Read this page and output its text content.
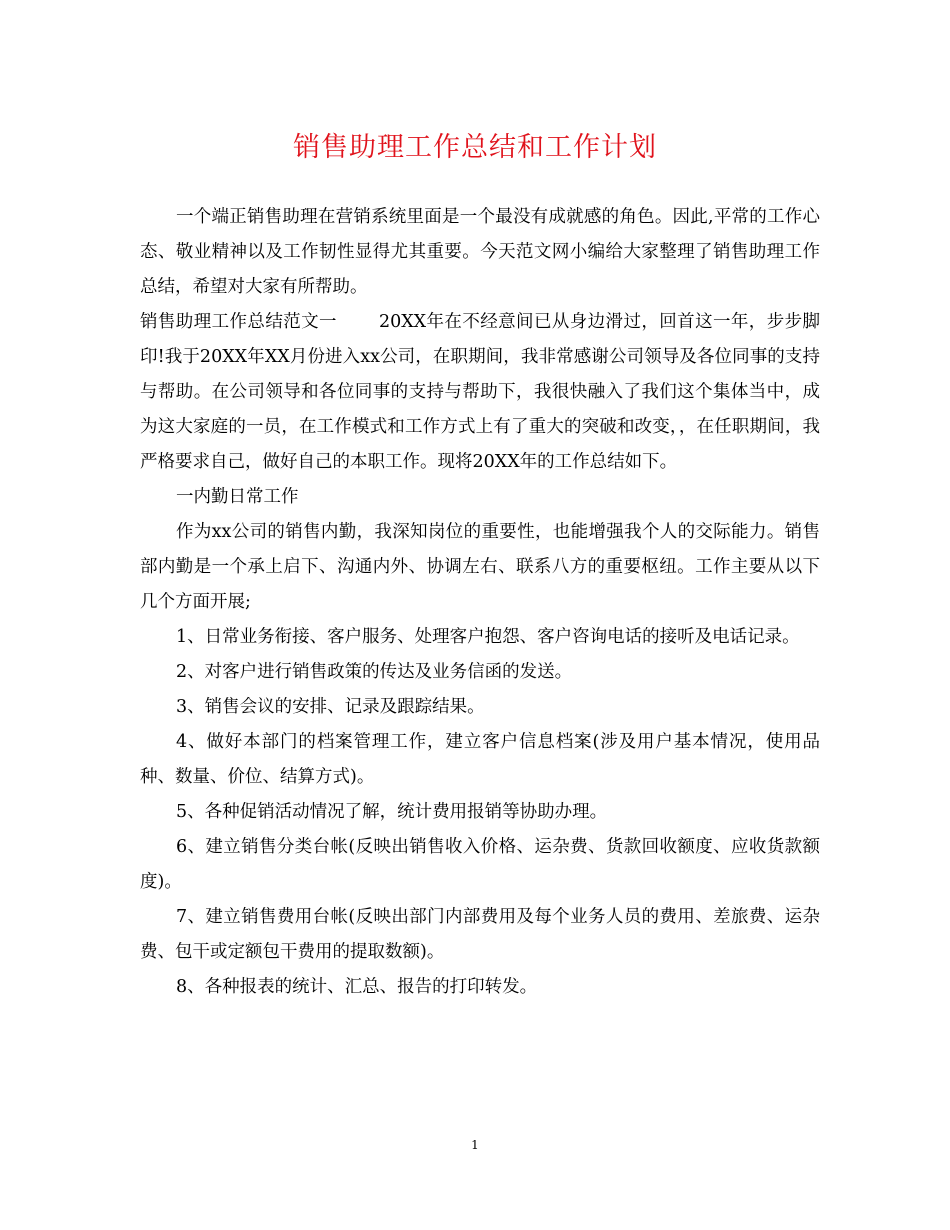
销售助理工作总结和工作计划

一个端正销售助理在营销系统里面是一个最没有成就感的角色。因此,平常的工作心态、敬业精神以及工作韧性显得尤其重要。今天范文网小编给大家整理了销售助理工作总结，希望对大家有所帮助。

销售助理工作总结范文一 20XX年在不经意间已从身边滑过，回首这一年，步步脚印!我于20XX年XX月份进入xx公司，在职期间，我非常感谢公司领导及各位同事的支持与帮助。在公司领导和各位同事的支持与帮助下，我很快融入了我们这个集体当中，成为这大家庭的一员，在工作模式和工作方式上有了重大的突破和改变，，在任职期间，我严格要求自己，做好自己的本职工作。现将20XX年的工作总结如下。

一内勤日常工作

作为xx公司的销售内勤，我深知岗位的重要性，也能增强我个人的交际能力。销售部内勤是一个承上启下、沟通内外、协调左右、联系八方的重要枢纽。工作主要从以下几个方面开展;

1、日常业务衔接、客户服务、处理客户抱怨、客户咨询电话的接听及电话记录。

2、对客户进行销售政策的传达及业务信函的发送。

3、销售会议的安排、记录及跟踪结果。

4、做好本部门的档案管理工作，建立客户信息档案(涉及用户基本情况，使用品种、数量、价位、结算方式)。

5、各种促销活动情况了解，统计费用报销等协助办理。

6、建立销售分类台帐(反映出销售收入价格、运杂费、货款回收额度、应收货款额度)。

7、建立销售费用台帐(反映出部门内部费用及每个业务人员的费用、差旅费、运杂费、包干或定额包干费用的提取数额)。

8、各种报表的统计、汇总、报告的打印转发。

1
